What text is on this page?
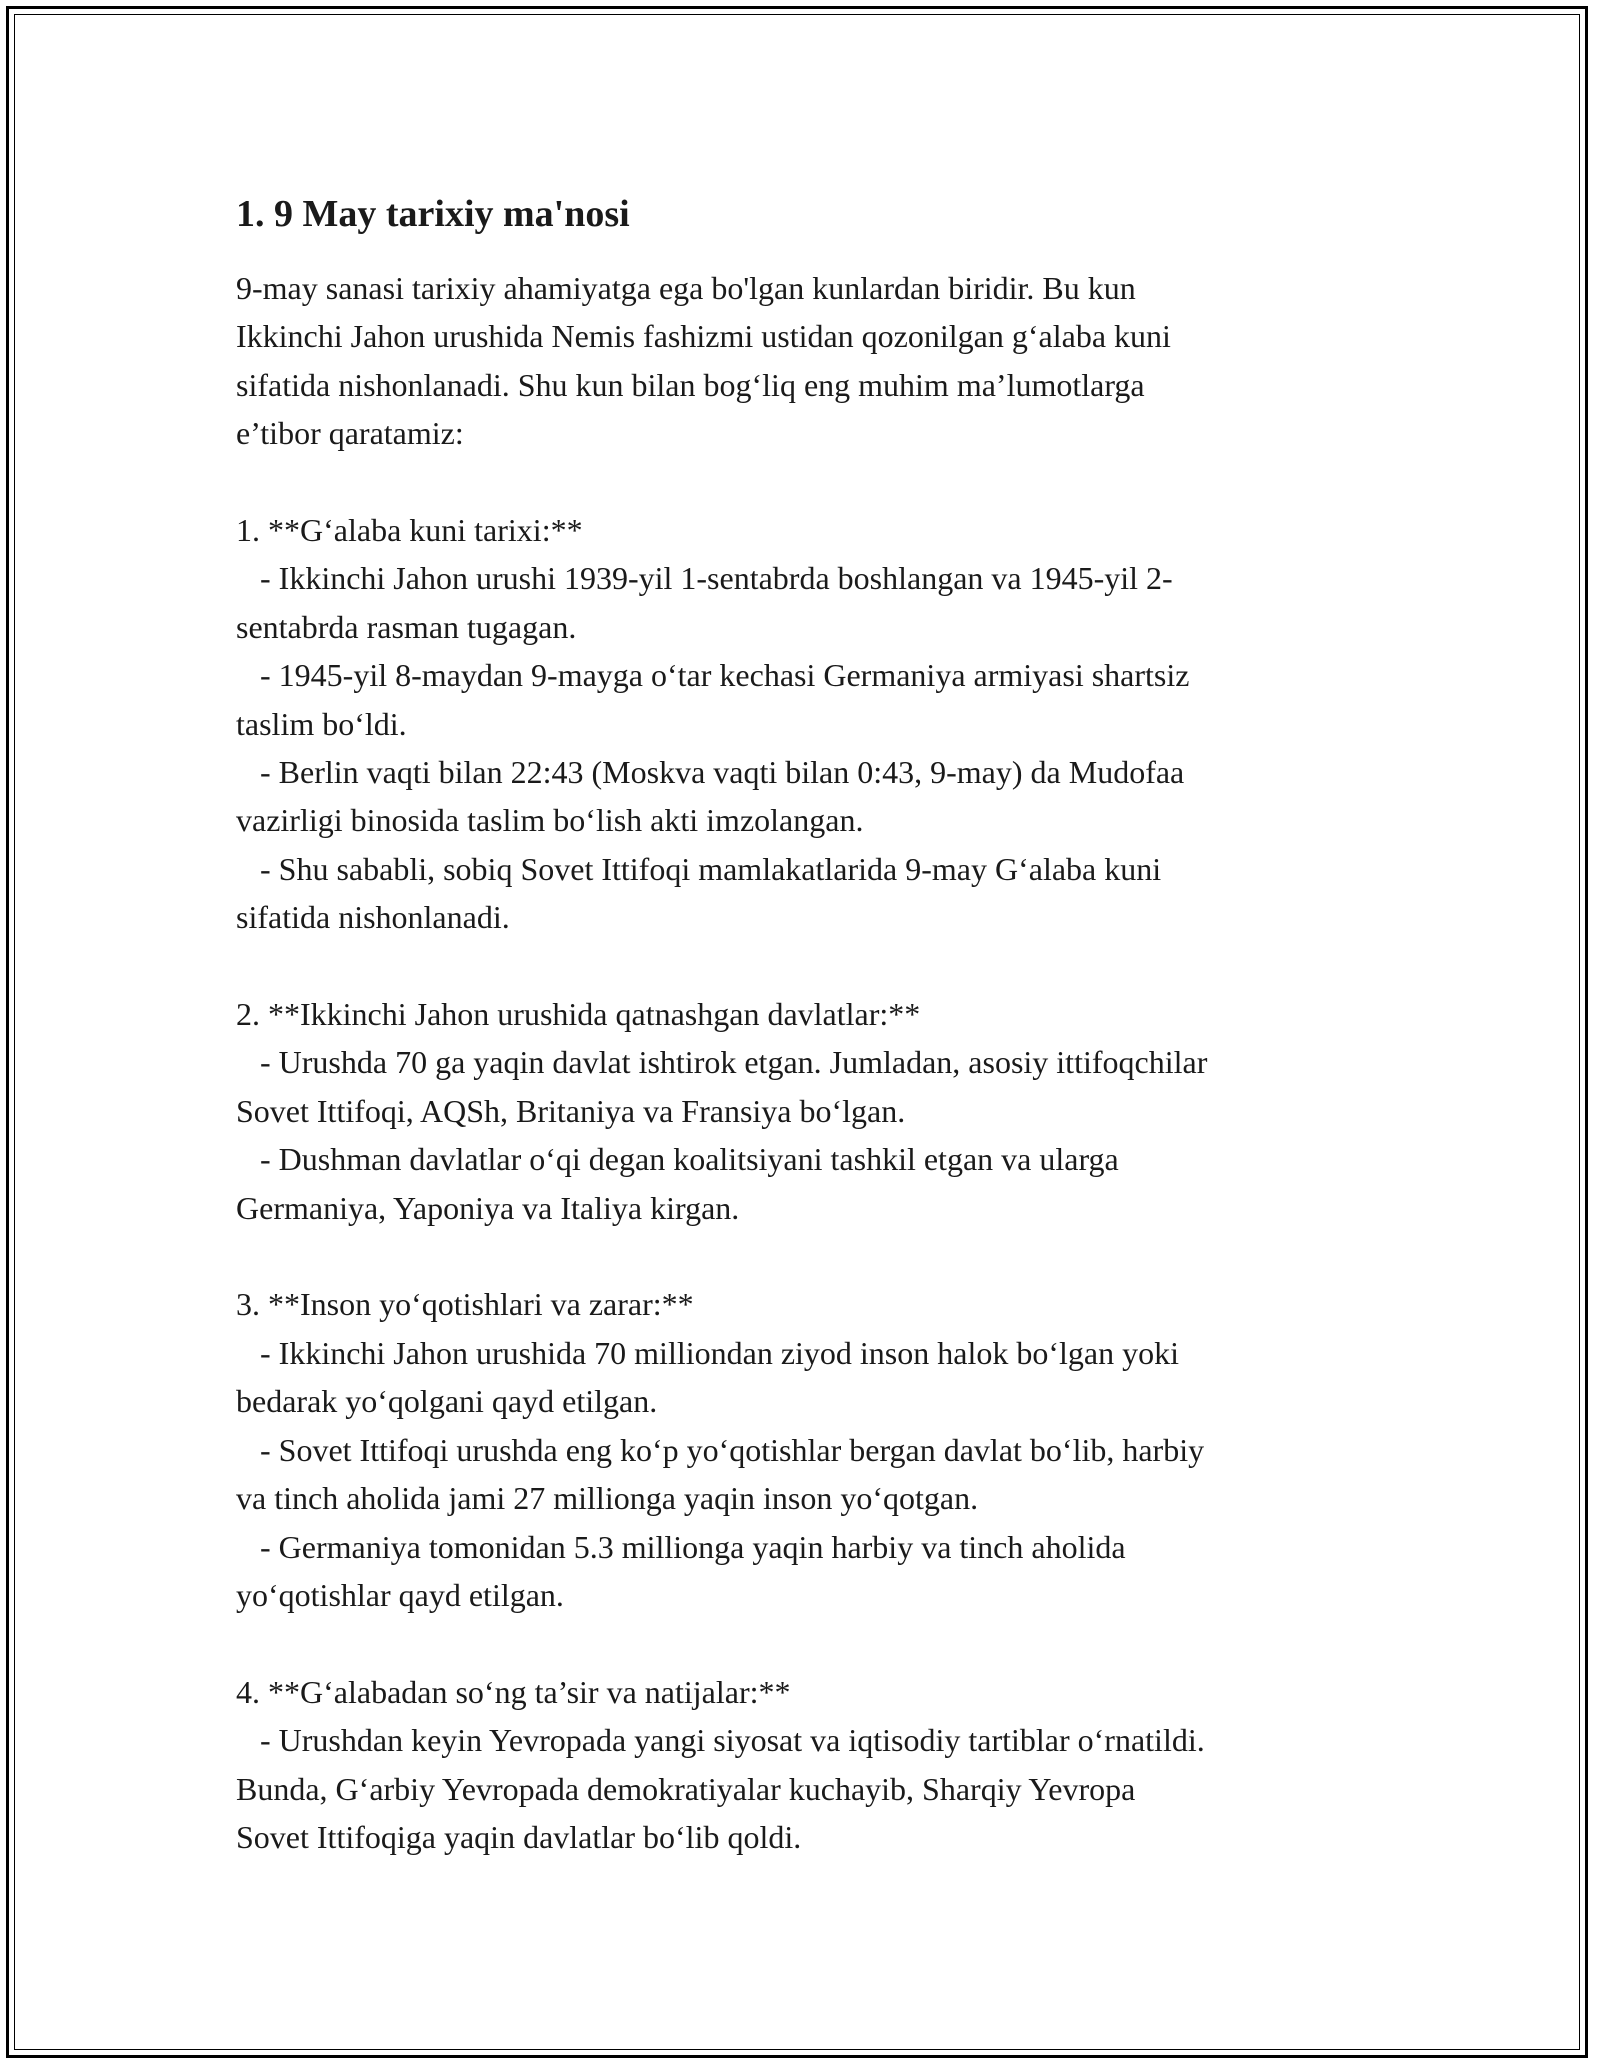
1. 9 May tarixiy ma'nosi

9-may sanasi tarixiy ahamiyatga ega bo'lgan kunlardan biridir. Bu kun

Ikkinchi Jahon urushida Nemis fashizmi ustidan qozonilgan g‘alaba kuni

sifatida nishonlanadi. Shu kun bilan bog‘liq eng muhim ma’lumotlarga

e’tibor qaratamiz:

1. **G‘alaba kuni tarixi:**

- Ikkinchi Jahon urushi 1939-yil 1-sentabrda boshlangan va 1945-yil 2-

sentabrda rasman tugagan.

- 1945-yil 8-maydan 9-mayga o‘tar kechasi Germaniya armiyasi shartsiz

taslim bo‘ldi.

- Berlin vaqti bilan 22:43 (Moskva vaqti bilan 0:43, 9-may) da Mudofaa

vazirligi binosida taslim bo‘lish akti imzolangan.

- Shu sababli, sobiq Sovet Ittifoqi mamlakatlarida 9-may G‘alaba kuni

sifatida nishonlanadi.

2. **Ikkinchi Jahon urushida qatnashgan davlatlar:**

- Urushda 70 ga yaqin davlat ishtirok etgan. Jumladan, asosiy ittifoqchilar

Sovet Ittifoqi, AQSh, Britaniya va Fransiya bo‘lgan.

- Dushman davlatlar o‘qi degan koalitsiyani tashkil etgan va ularga

Germaniya, Yaponiya va Italiya kirgan.

3. **Inson yo‘qotishlari va zarar:**

- Ikkinchi Jahon urushida 70 milliondan ziyod inson halok bo‘lgan yoki

bedarak yo‘qolgani qayd etilgan.

- Sovet Ittifoqi urushda eng ko‘p yo‘qotishlar bergan davlat bo‘lib, harbiy

va tinch aholida jami 27 millionga yaqin inson yo‘qotgan.

- Germaniya tomonidan 5.3 millionga yaqin harbiy va tinch aholida

yo‘qotishlar qayd etilgan.

4. **G‘alabadan so‘ng ta’sir va natijalar:**

- Urushdan keyin Yevropada yangi siyosat va iqtisodiy tartiblar o‘rnatildi.

Bunda, G‘arbiy Yevropada demokratiyalar kuchayib, Sharqiy Yevropa

Sovet Ittifoqiga yaqin davlatlar bo‘lib qoldi.
